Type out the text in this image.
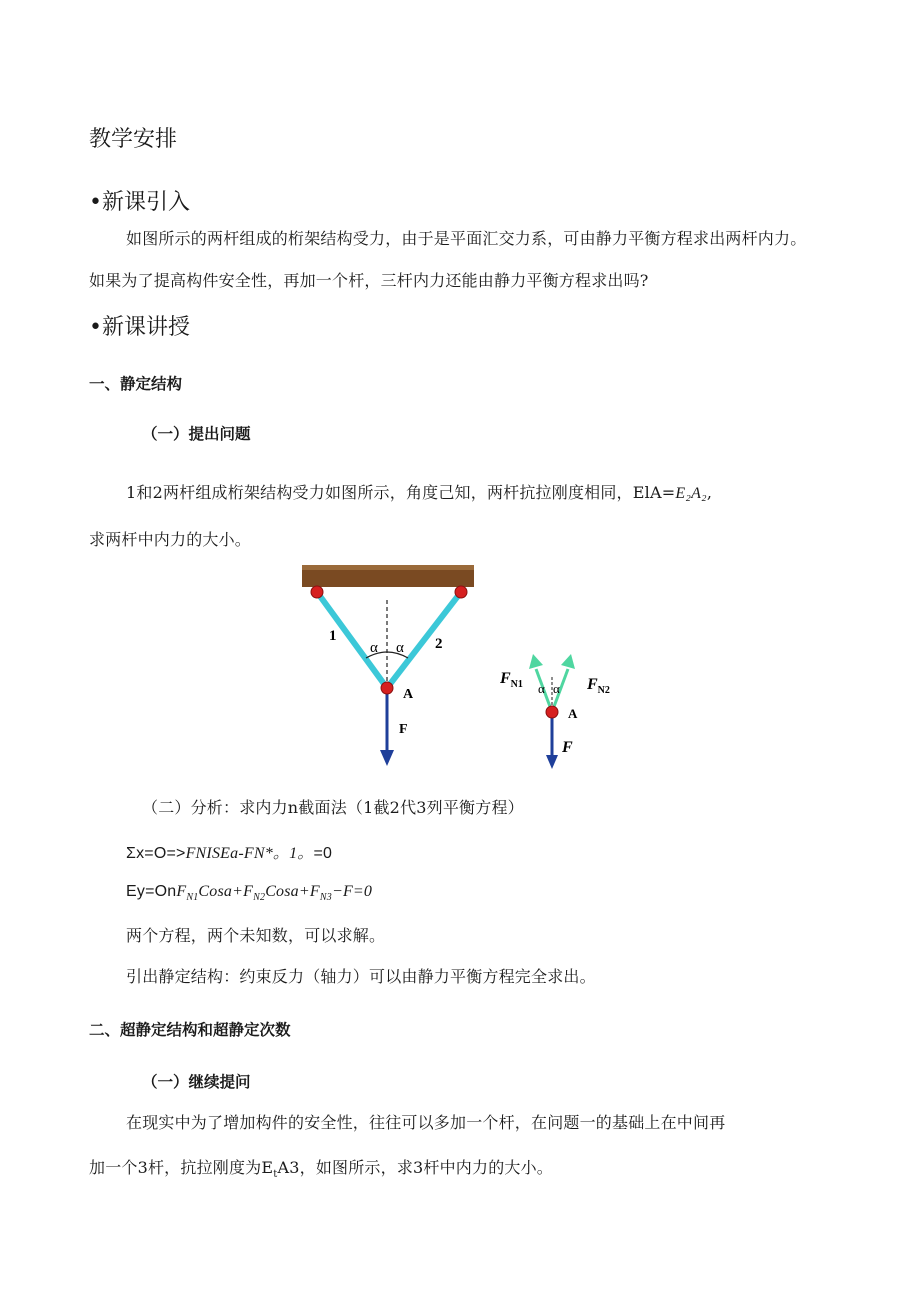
教学安排
•新课引入
如图所示的两杆组成的桁架结构受力，由于是平面汇交力系，可由静力平衡方程求出两杆内力。
如果为了提高构件安全性，再加一个杆，三杆内力还能由静力平衡方程求出吗?
•新课讲授
一、静定结构
（一）提出问题
1和2两杆组成桁架结构受力如图所示，角度己知，两杆抗拉刚度相同，ElA=E₂A₂,
求两杆中内力的大小。
1	2
α α
A
F
$F_{N1}$	$F_{N2}$
α α
A
F
（二）分析：求内力n截面法（1截2代3列平衡方程）
Σx=O=>FNISEa-FN*。1。=0
$Ey=OnF_{N1}Cosa+F_{N2}Cosa+F_{N3}-F=0$
两个方程，两个未知数，可以求解。
引出静定结构：约束反力（轴力）可以由静力平衡方程完全求出。
二、超静定结构和超静定次数
（一）继续提问
在现实中为了增加构件的安全性，往往可以多加一个杆，在问题一的基础上在中间再
加一个3杆，抗拉刚度为$E_tA3$，如图所示，求3杆中内力的大小。
